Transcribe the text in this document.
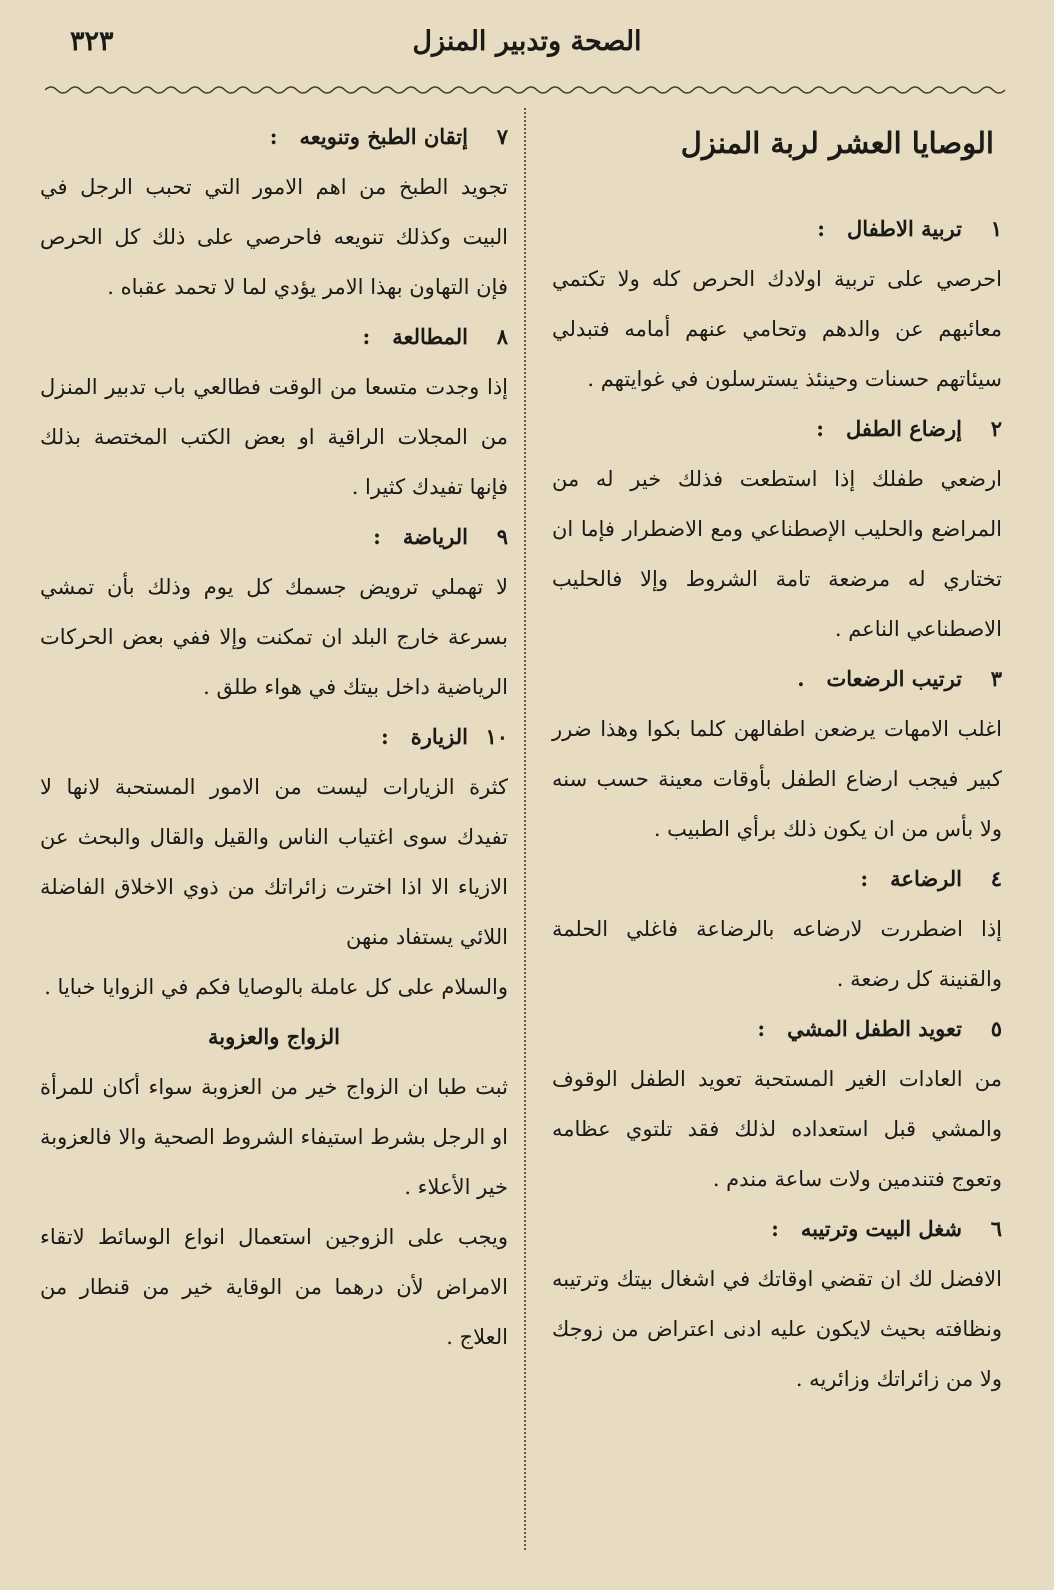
الصحة وتدبير المنزل
٣٢٣
الوصايا العشر لربة المنزل

١تربية الاطفال:

احرصي على تربية اولادك الحرص كله ولا تكتمي معائبهم عن والدهم وتحامي عنهم أمامه فتبدلي سيئاتهم حسنات وحينئذ يسترسلون في غوايتهم .

٢إرضاع الطفل:

ارضعي طفلك إذا استطعت فذلك خير له من المراضع والحليب الإصطناعي ومع الاضطرار فإما ان تختاري له مرضعة تامة الشروط وإلا فالحليب الاصطناعي الناعم .

٣ترتيب الرضعات.

اغلب الامهات يرضعن اطفالهن كلما بكوا وهذا ضرر كبير فيجب ارضاع الطفل بأوقات معينة حسب سنه ولا بأس من ان يكون ذلك برأي الطبيب .

٤الرضاعة:

إذا اضطررت لارضاعه بالرضاعة فاغلي الحلمة والقنينة كل رضعة .

٥تعويد الطفل المشي:

من العادات الغير المستحبة تعويد الطفل الوقوف والمشي قبل استعداده لذلك فقد تلتوي عظامه وتعوج فتندمين ولات ساعة مندم .

٦شغل البيت وترتيبه:

الافضل لك ان تقضي اوقاتك في اشغال بيتك وترتيبه ونظافته بحيث لايكون عليه ادنى اعتراض من زوجك ولا من زائراتك وزائريه .

٧إتقان الطبخ وتنويعه:

تجويد الطبخ من اهم الامور التي تحبب الرجل في البيت وكذلك تنويعه فاحرصي على ذلك كل الحرص فإن التهاون بهذا الامر يؤدي لما لا تحمد عقباه .

٨المطالعة:

إذا وجدت متسعا من الوقت فطالعي باب تدبير المنزل من المجلات الراقية او بعض الكتب المختصة بذلك فإنها تفيدك كثيرا .

٩الرياضة:

لا تهملي ترويض جسمك كل يوم وذلك بأن تمشي بسرعة خارج البلد ان تمكنت وإلا ففي بعض الحركات الرياضية داخل بيتك في هواء طلق .

١٠الزيارة:

كثرة الزيارات ليست من الامور المستحبة لانها لا تفيدك سوى اغتياب الناس والقيل والقال والبحث عن الازياء الا اذا اخترت زائراتك من ذوي الاخلاق الفاضلة اللائي يستفاد منهن

والسلام على كل عاملة بالوصايا فكم في الزوايا خبايا .

الزواج والعزوبة

ثبت طبا ان الزواج خير من العزوبة سواء أكان للمرأة او الرجل بشرط استيفاء الشروط الصحية والا فالعزوبة خير الأعلاء .

ويجب على الزوجين استعمال انواع الوسائط لاتقاء الامراض لأن درهما من الوقاية خير من قنطار من العلاج .
